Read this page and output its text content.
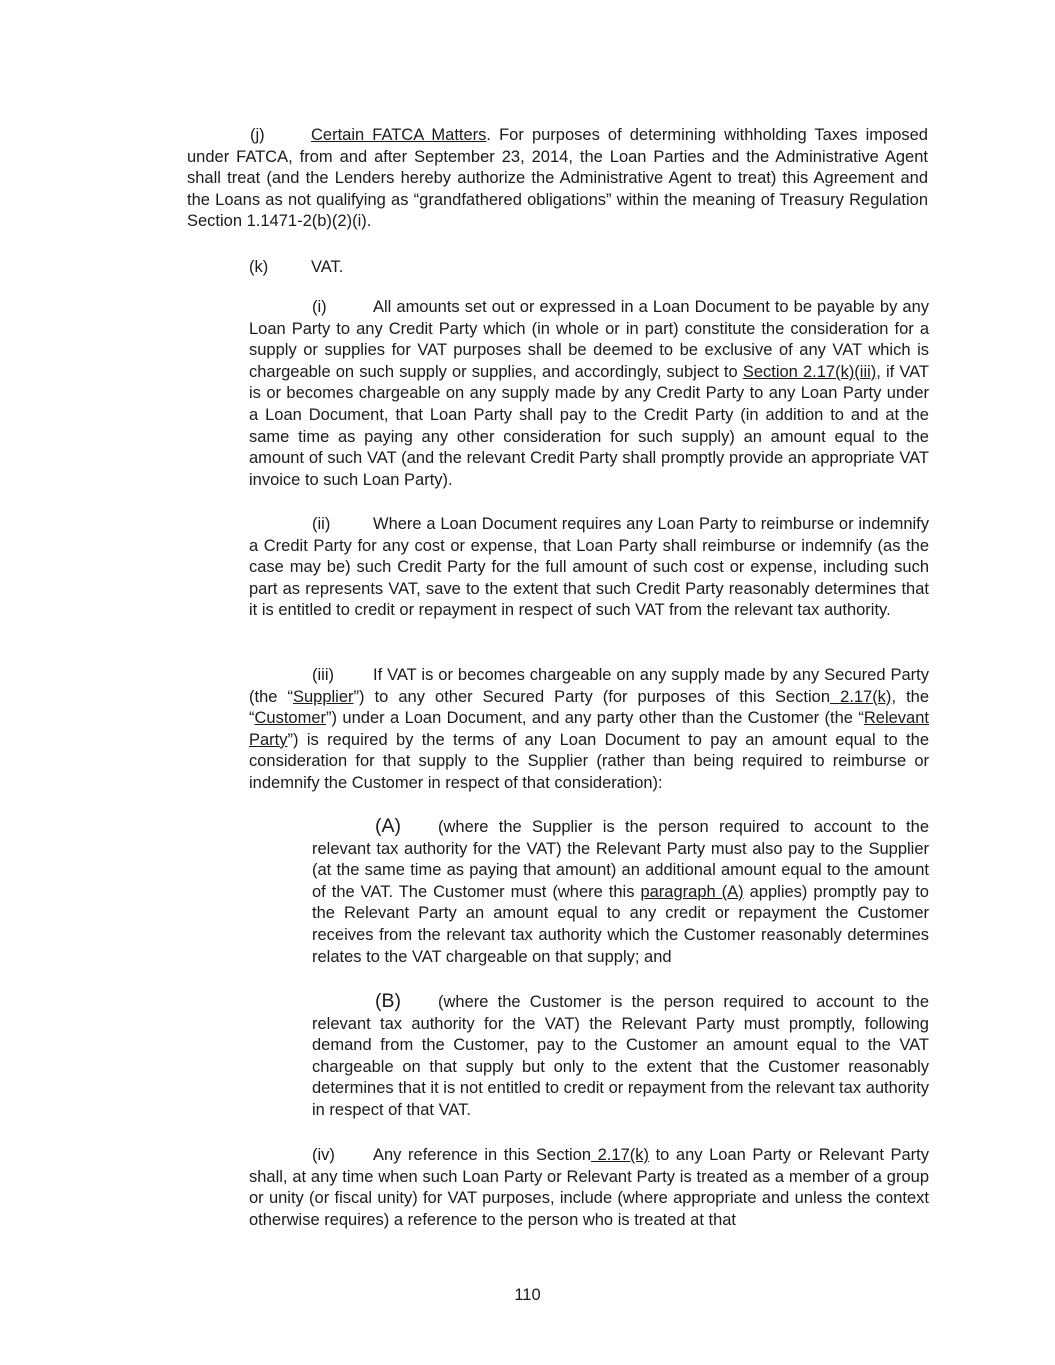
(j)	Certain FATCA Matters. For purposes of determining withholding Taxes imposed under FATCA, from and after September 23, 2014, the Loan Parties and the Administrative Agent shall treat (and the Lenders hereby authorize the Administrative Agent to treat) this Agreement and the Loans as not qualifying as “grandfathered obligations” within the meaning of Treasury Regulation Section 1.1471-2(b)(2)(i).

(k)	VAT.

(i)	All amounts set out or expressed in a Loan Document to be payable by any Loan Party to any Credit Party which (in whole or in part) constitute the consideration for a supply or supplies for VAT purposes shall be deemed to be exclusive of any VAT which is chargeable on such supply or supplies, and accordingly, subject to Section 2.17(k)(iii), if VAT is or becomes chargeable on any supply made by any Credit Party to any Loan Party under a Loan Document, that Loan Party shall pay to the Credit Party (in addition to and at the same time as paying any other consideration for such supply) an amount equal to the amount of such VAT (and the relevant Credit Party shall promptly provide an appropriate VAT invoice to such Loan Party).

(ii)	Where a Loan Document requires any Loan Party to reimburse or indemnify a Credit Party for any cost or expense, that Loan Party shall reimburse or indemnify (as the case may be) such Credit Party for the full amount of such cost or expense, including such part as represents VAT, save to the extent that such Credit Party reasonably determines that it is entitled to credit or repayment in respect of such VAT from the relevant tax authority.

(iii) If VAT is or becomes chargeable on any supply made by any Secured Party (the “Supplier”) to any other Secured Party (for purposes of this Section 2.17(k), the “Customer”) under a Loan Document, and any party other than the Customer (the “Relevant Party”) is required by the terms of any Loan Document to pay an amount equal to the consideration for that supply to the Supplier (rather than being required to reimburse or indemnify the Customer in respect of that consideration):

(A) (where the Supplier is the person required to account to the relevant tax authority for the VAT) the Relevant Party must also pay to the Supplier (at the same time as paying that amount) an additional amount equal to the amount of the VAT. The Customer must (where this paragraph (A) applies) promptly pay to the Relevant Party an amount equal to any credit or repayment the Customer receives from the relevant tax authority which the Customer reasonably determines relates to the VAT chargeable on that supply; and

(B) (where the Customer is the person required to account to the relevant tax authority for the VAT) the Relevant Party must promptly, following demand from the Customer, pay to the Customer an amount equal to the VAT chargeable on that supply but only to the extent that the Customer reasonably determines that it is not entitled to credit or repayment from the relevant tax authority in respect of that VAT.

(iv) Any reference in this Section 2.17(k) to any Loan Party or Relevant Party shall, at any time when such Loan Party or Relevant Party is treated as a member of a group or unity (or fiscal unity) for VAT purposes, include (where appropriate and unless the context otherwise requires) a reference to the person who is treated at that

110
